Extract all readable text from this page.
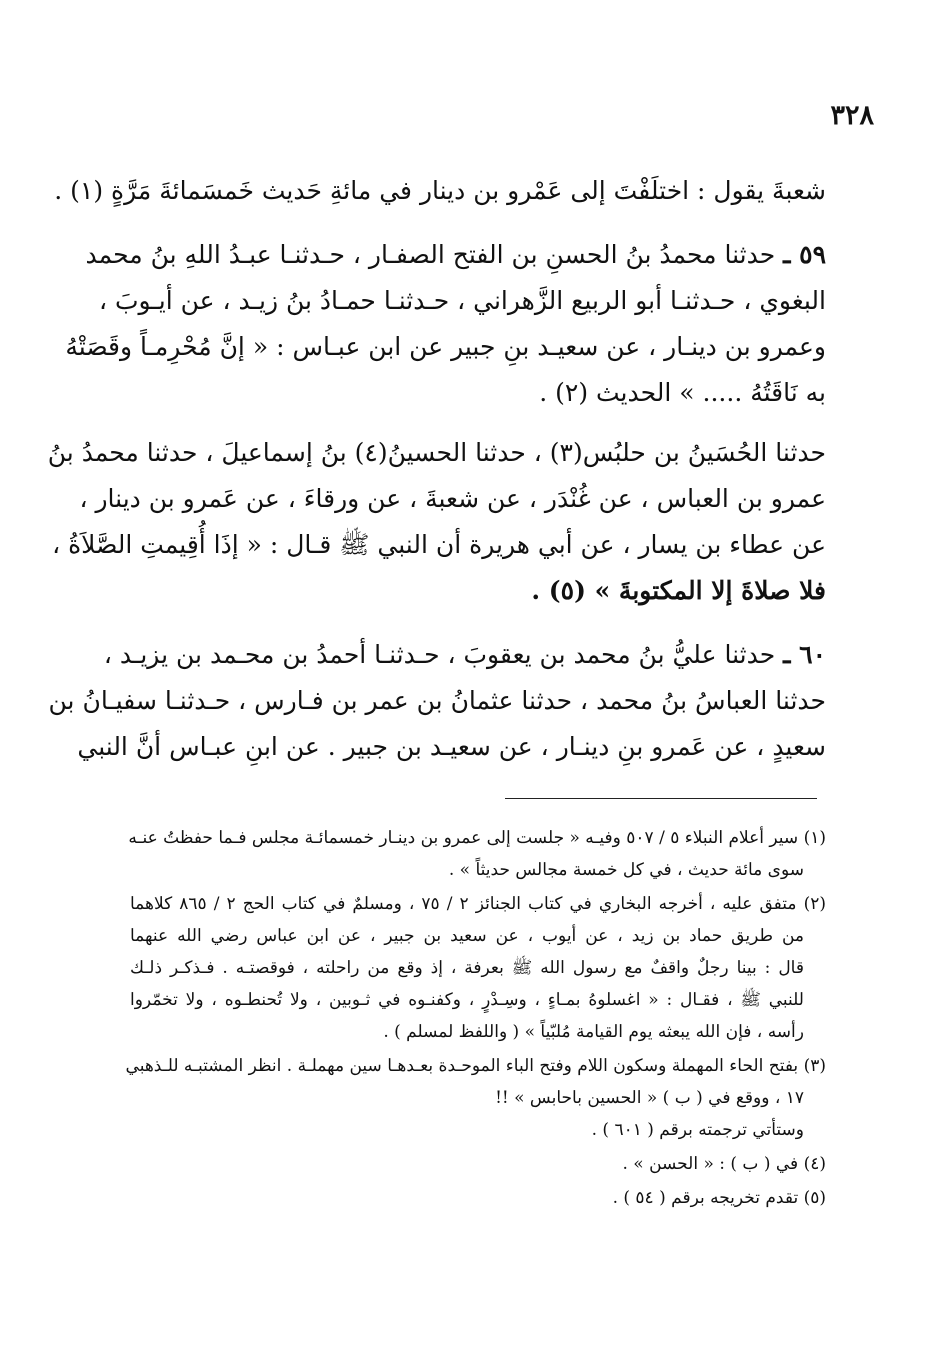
٣٢٨
شعبةَ يقول : اختلَفْتَ إلى عَمْرو بن دينار في مائةِ حَديث خَمسَمائةَ مَرَّةٍ (١) .
٥٩ ـ حدثنا محمدُ بنُ الحسنِ بن الفتح الصفـار ، حـدثنـا عبـدُ اللهِ بنُ محمد
البغوي ، حـدثنـا أبو الربيع الزَّهراني ، حـدثنـا حمـادُ بنُ زيـد ، عن أيـوبَ ،
وعمرو بن دينـار ، عن سعيـد بنِ جبير عن ابن عبـاس : « إنَّ مُحْرِمـاً وقَصَتْهُ
به نَاقَتُهُ ..... » الحديث (٢) .
حدثنا الحُسَينُ بن حلبُس(٣) ، حدثنا الحسينُ(٤) بنُ إسماعيلَ ، حدثنا محمدُ بنُ
عمرو بن العباس ، عن غُنْدَر ، عن شعبةَ ، عن ورقاءَ ، عن عَمرو بن دينار ،
عن عطاء بن يسار ، عن أبي هريرة أن النبي ﷺ قـال : « إذَا أُقِيمتِ الصَّلاَةُ ،
فلا صلاةَ إلا المكتوبةَ » (٥) .
٦٠ ـ حدثنا عليُّ بنُ محمد بن يعقوبَ ، حـدثنـا أحمدُ بن محـمد بن يزيـد ،
حدثنا العباسُ بنُ محمد ، حدثنا عثمانُ بن عمر بن فـارس ، حـدثنـا سفيـانُ بن
سعيدٍ ، عن عَمرو بنِ دينـار ، عن سعيـد بن جبير . عن ابنِ عبـاس أنَّ النبي
(١) سير أعلام النبلاء ٥ / ٥٠٧ وفيـه « جلست إلى عمرو بن دينـار خمسمائـة مجلس فـما حفظتُ عنـه
سوى مائة حديث ، في كل خمسة مجالس حديثاً » .
(٢) متفق عليه ، أخرجه البخاري في كتاب الجنائز ٢ / ٧٥ ، ومسلمٌ في كتاب الحج ٢ / ٨٦٥ كلاهما
من طريق حماد بن زيد ، عن أيوب ، عن سعيد بن جبير ، عن ابن عباس رضي الله عنهما
قال : بينا رجلٌ واقفٌ مع رسول الله ﷺ بعرفة ، إذ وقع من راحلته ، فوقصتـه . فـذكـر ذلـك
للنبي ﷺ ، فقـال : « اغسلوهُ بمـاءٍ ، وسِـدْرٍ ، وكفنـوه في ثـوبين ، ولا تُحنطـوه ، ولا تخمّروا
رأسه ، فإن الله يبعثه يوم القيامة مُلبّياً » ( واللفظ لمسلم ) .
(٣) بفتح الحاء المهملة وسكون اللام وفتح الباء الموحـدة بعـدهـا سين مهملـة . انظر المشتبـه للـذهبي
١٧ ، ووقع في ( ب ) « الحسين باحابس » !!
وستأتي ترجمته برقم ( ٦٠١ ) .
(٤) في ( ب ) : « الحسن » .
(٥) تقدم تخريجه برقم ( ٥٤ ) .
